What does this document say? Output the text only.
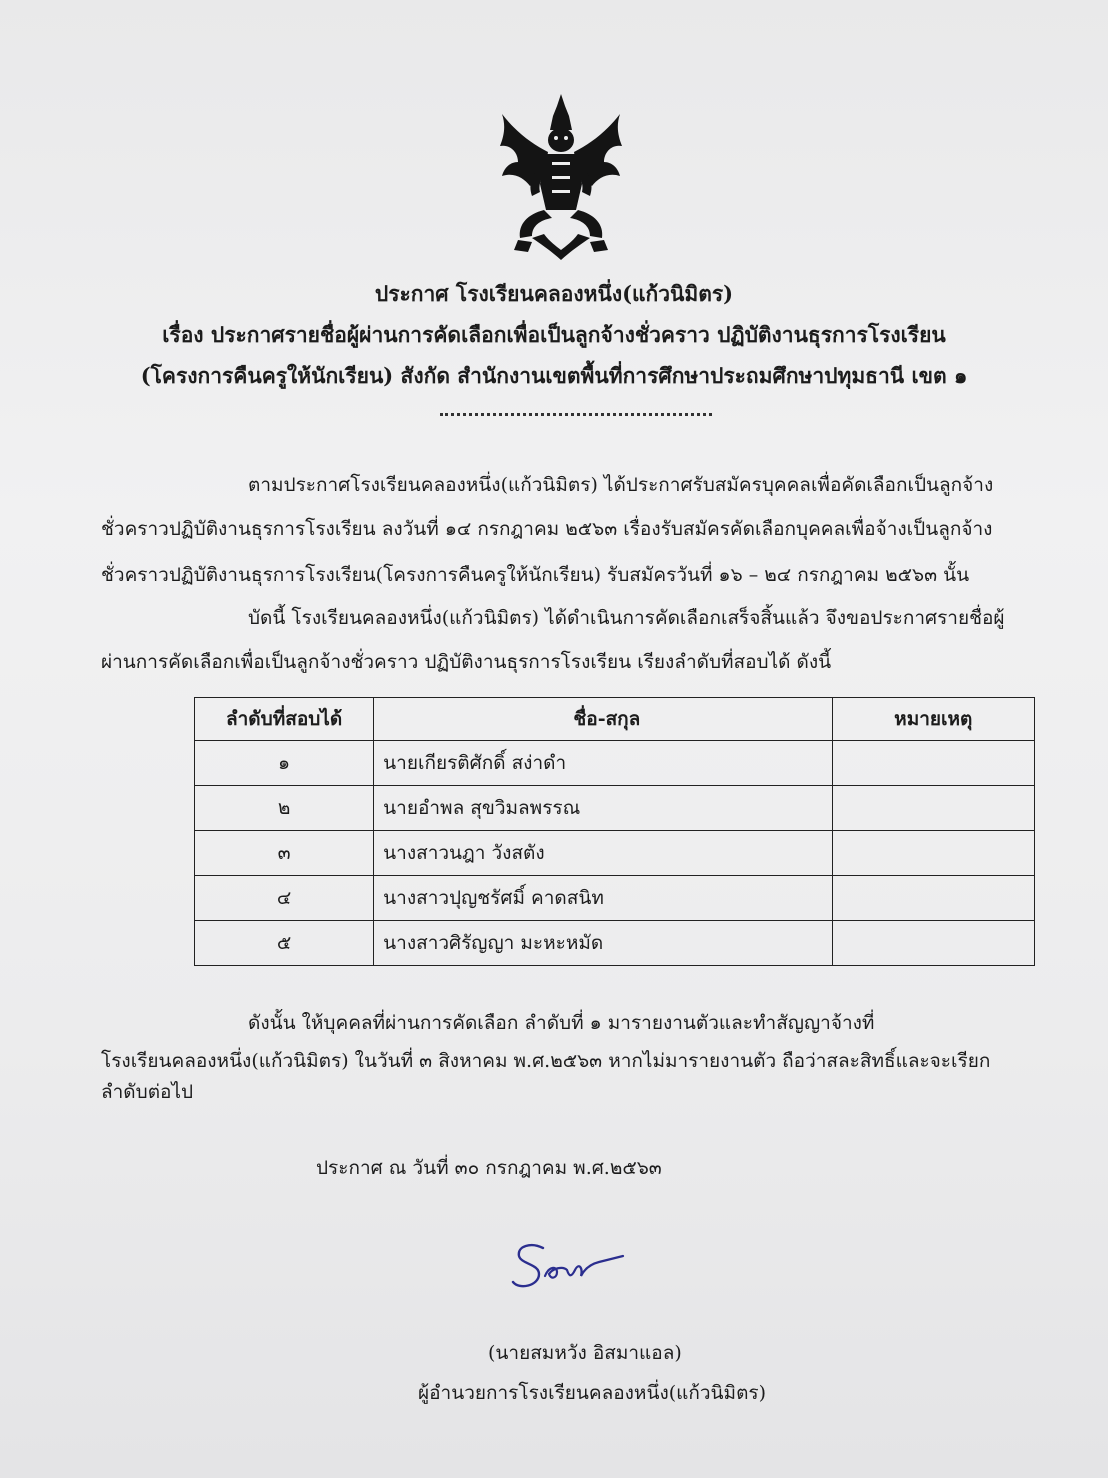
ประกาศ โรงเรียนคลองหนึ่ง(แก้วนิมิตร)
เรื่อง ประกาศรายชื่อผู้ผ่านการคัดเลือกเพื่อเป็นลูกจ้างชั่วคราว ปฏิบัติงานธุรการโรงเรียน
(โครงการคืนครูให้นักเรียน) สังกัด สำนักงานเขตพื้นที่การศึกษาประถมศึกษาปทุมธานี เขต ๑
ตามประกาศโรงเรียนคลองหนึ่ง(แก้วนิมิตร) ได้ประกาศรับสมัครบุคคลเพื่อคัดเลือกเป็นลูกจ้าง
ชั่วคราวปฏิบัติงานธุรการโรงเรียน ลงวันที่ ๑๔ กรกฎาคม ๒๕๖๓ เรื่องรับสมัครคัดเลือกบุคคลเพื่อจ้างเป็นลูกจ้าง
ชั่วคราวปฏิบัติงานธุรการโรงเรียน(โครงการคืนครูให้นักเรียน) รับสมัครวันที่ ๑๖ – ๒๔ กรกฎาคม ๒๕๖๓ นั้น
บัดนี้ โรงเรียนคลองหนึ่ง(แก้วนิมิตร) ได้ดำเนินการคัดเลือกเสร็จสิ้นแล้ว จึงขอประกาศรายชื่อผู้
ผ่านการคัดเลือกเพื่อเป็นลูกจ้างชั่วคราว ปฏิบัติงานธุรการโรงเรียน เรียงลำดับที่สอบได้ ดังนี้
ลำดับที่สอบได้	ชื่อ-สกุล	หมายเหตุ
๑	นายเกียรติศักดิ์ สง่าดำ	
๒	นายอำพล สุขวิมลพรรณ	
๓	นางสาวนฎา วังสตัง	
๔	นางสาวปุญชรัศมิ์ คาดสนิท	
๕	นางสาวศิรัญญา มะหะหมัด	
ดังนั้น ให้บุคคลที่ผ่านการคัดเลือก ลำดับที่ ๑ มารายงานตัวและทำสัญญาจ้างที่
โรงเรียนคลองหนึ่ง(แก้วนิมิตร) ในวันที่ ๓ สิงหาคม พ.ศ.๒๕๖๓ หากไม่มารายงานตัว ถือว่าสละสิทธิ์และจะเรียก
ลำดับต่อไป
ประกาศ ณ วันที่ ๓๐ กรกฎาคม พ.ศ.๒๕๖๓
(นายสมหวัง อิสมาแอล)
ผู้อำนวยการโรงเรียนคลองหนึ่ง(แก้วนิมิตร)
